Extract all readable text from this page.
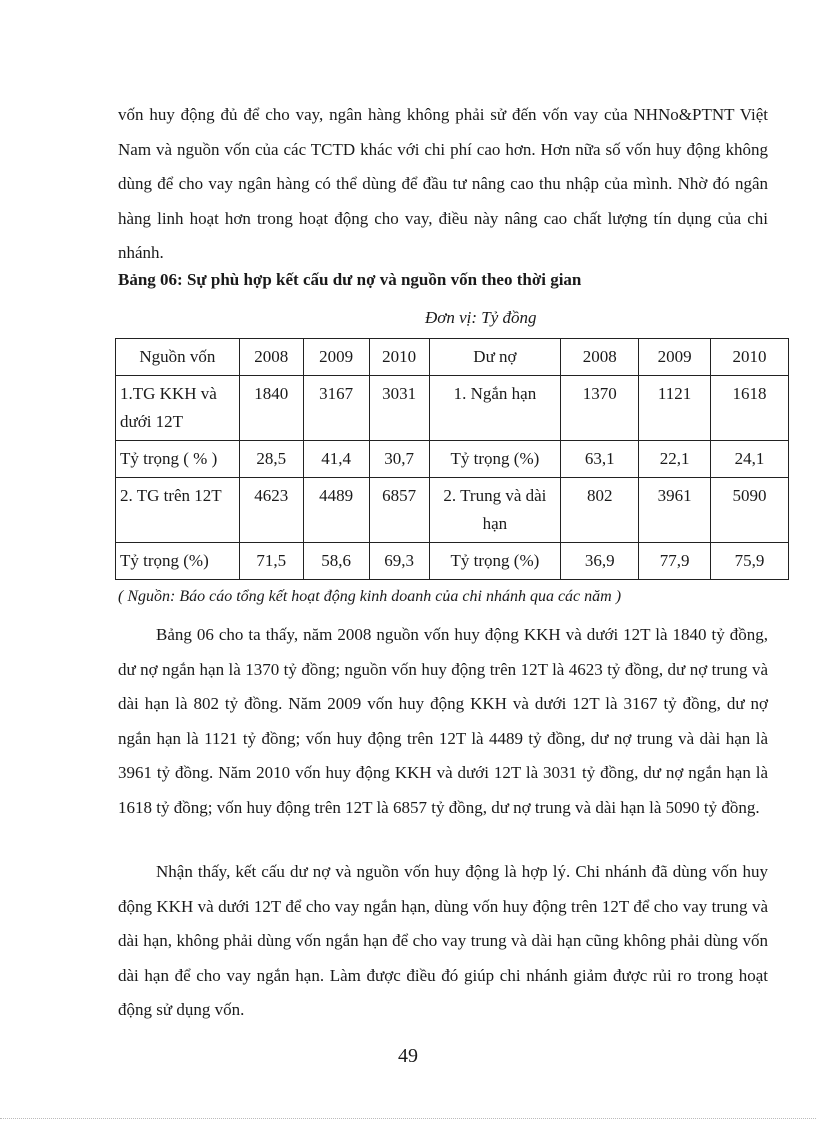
vốn huy động đủ để cho vay, ngân hàng không phải sử đến vốn vay của NHNo&PTNT Việt Nam và nguồn vốn của các TCTD khác với chi phí cao hơn. Hơn nữa số vốn huy động không dùng để cho vay ngân hàng có thể dùng để đầu tư nâng cao thu nhập của mình. Nhờ đó ngân hàng linh hoạt hơn trong hoạt động cho vay, điều này nâng cao chất lượng tín dụng của chi nhánh.

Bảng 06: Sự phù hợp kết cấu dư nợ và nguồn vốn theo thời gian

Đơn vị: Tỷ đồng

Nguồn vốn	2008	2009	2010	Dư nợ	2008	2009	2010
1.TG KKH và dưới 12T	1840	3167	3031	1. Ngắn hạn	1370	1121	1618
Tỷ trọng ( % )	28,5	41,4	30,7	Tỷ trọng (%)	63,1	22,1	24,1
2. TG trên 12T	4623	4489	6857	2. Trung và dài hạn	802	3961	5090
Tỷ trọng (%)	71,5	58,6	69,3	Tỷ trọng (%)	36,9	77,9	75,9

( Nguồn: Báo cáo tổng kết hoạt động kinh doanh của chi nhánh qua các năm )

Bảng 06 cho ta thấy, năm 2008 nguồn vốn huy động KKH và dưới 12T là 1840 tỷ đồng, dư nợ ngắn hạn là 1370 tỷ đồng; nguồn vốn huy động trên 12T là 4623 tỷ đồng, dư nợ trung và dài hạn là 802 tỷ đồng. Năm 2009 vốn huy động KKH và dưới 12T là 3167 tỷ đồng, dư nợ ngắn hạn là 1121 tỷ đồng; vốn huy động trên 12T là 4489 tỷ đồng, dư nợ trung và dài hạn là 3961 tỷ đồng. Năm 2010 vốn huy động KKH và dưới 12T là 3031 tỷ đồng, dư nợ ngắn hạn là 1618 tỷ đồng; vốn huy động trên 12T là 6857 tỷ đồng, dư nợ trung và dài hạn là 5090 tỷ đồng.

Nhận thấy, kết cấu dư nợ và nguồn vốn huy động là hợp lý. Chi nhánh đã dùng vốn huy động KKH và dưới 12T để cho vay ngắn hạn, dùng vốn huy động trên 12T để cho vay trung và dài hạn, không phải dùng vốn ngắn hạn để cho vay trung và dài hạn cũng không phải dùng vốn dài hạn để cho vay ngắn hạn. Làm được điều đó giúp chi nhánh giảm được rủi ro trong hoạt động sử dụng vốn.

49
